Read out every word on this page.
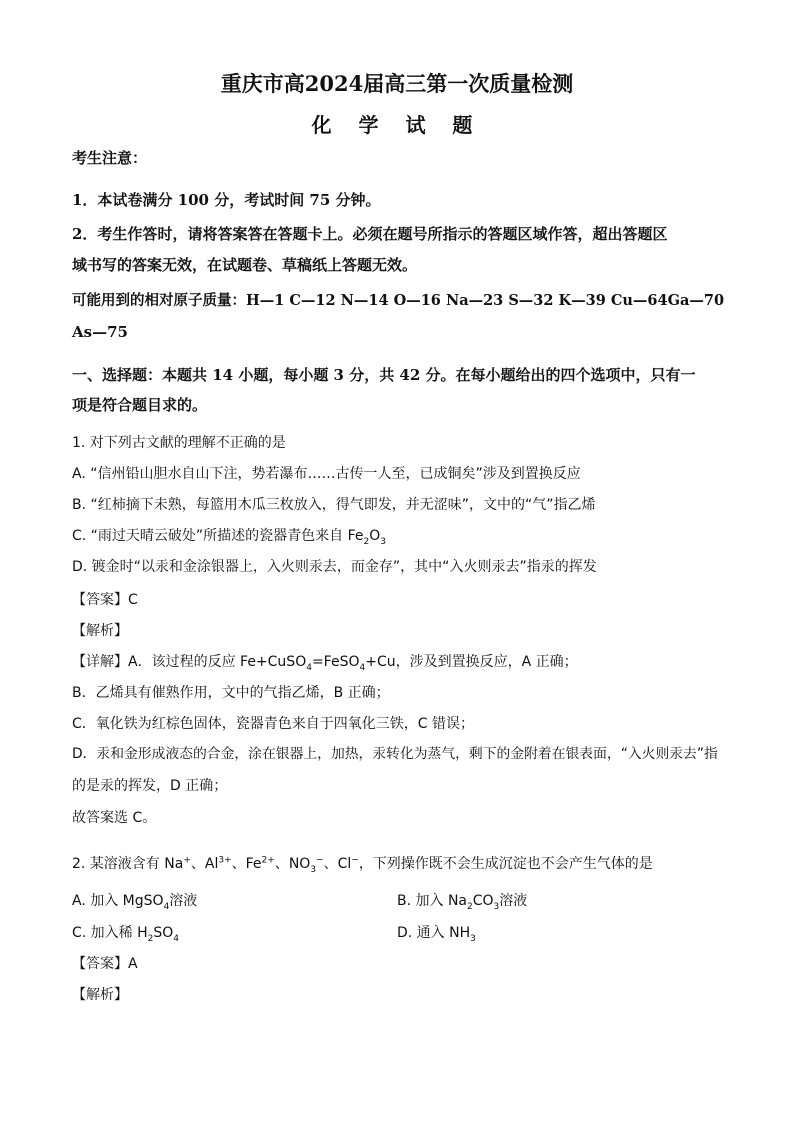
重庆市高2024届高三第一次质量检测
化 学 试 题
考生注意：
1．本试卷满分 100 分，考试时间 75 分钟。
2．考生作答时，请将答案答在答题卡上。必须在题号所指示的答题区域作答，超出答题区
域书写的答案无效，在试题卷、草稿纸上答题无效。
可能用到的相对原子质量：H—1 C—12 N—14 O—16 Na—23 S—32 K—39 Cu—64Ga—70
As—75
一、选择题：本题共 14 小题，每小题 3 分，共 42 分。在每小题给出的四个选项中，只有一
项是符合题目求的。
1. 对下列古文献的理解不正确的是
A. “信州铅山胆水自山下注，势若瀑布……古传一人至，已成铜矣”涉及到置换反应
B. “红柿摘下未熟，每篮用木瓜三枚放入，得气即发，并无涩味”，文中的“气”指乙烯
C. “雨过天晴云破处”所描述的瓷器青色来自 $Fe_2O_3$
D. 镀金时“以汞和金涂银器上，入火则汞去，而金存”，其中“入火则汞去”指汞的挥发
【答案】C
【解析】
【详解】A．该过程的反应 Fe+CuSO$_4$=FeSO$_4$+Cu，涉及到置换反应，A 正确；
B．乙烯具有催熟作用，文中的气指乙烯，B 正确；
C．氧化铁为红棕色固体，瓷器青色来自于四氧化三铁，C 错误；
D．汞和金形成液态的合金，涂在银器上，加热，汞转化为蒸气，剩下的金附着在银表面，“入火则汞去”指
的是汞的挥发，D 正确；
故答案选 C。
2. 某溶液含有 Na+、$Al^{3+}$、$Fe^{2+}$、$NO_3^-$、Cl−，下列操作既不会生成沉淀也不会产生气体的是
A. 加入 MgSO$_4$溶液	B. 加入 $Na_2CO_3$溶液
C. 加入稀 $H_2SO_4$	D. 通入 $NH_3$
【答案】A
【解析】
